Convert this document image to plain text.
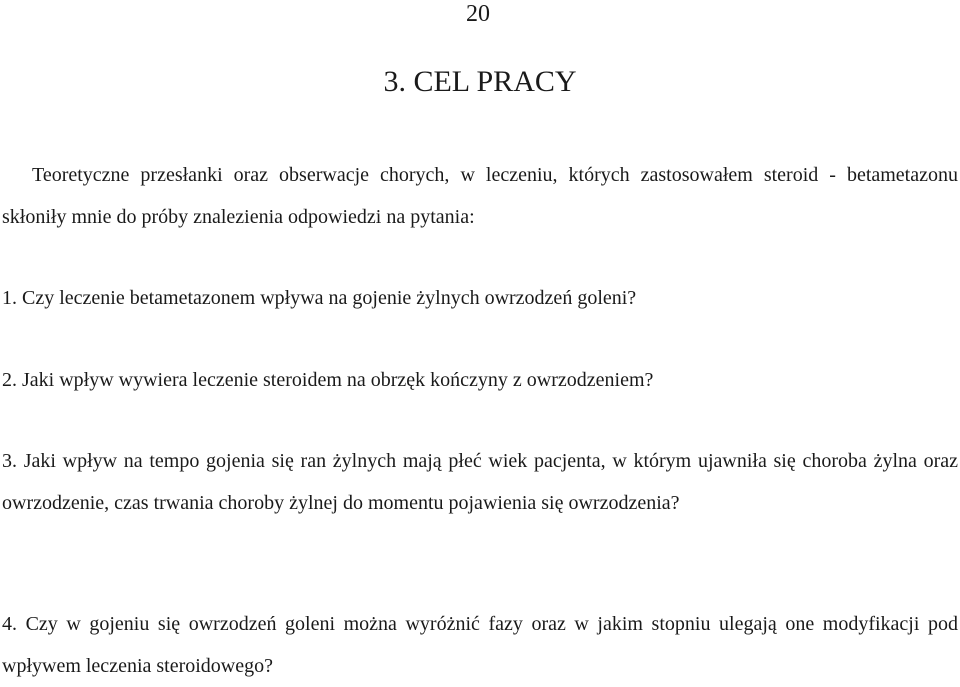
20
3. CEL PRACY

Teoretyczne przesłanki oraz obserwacje chorych, w leczeniu, których zastosowałem steroid - betametazonu skłoniły mnie do próby znalezienia odpowiedzi na pytania:

1. Czy leczenie betametazonem wpływa na gojenie żylnych owrzodzeń goleni?

2. Jaki wpływ wywiera leczenie steroidem na obrzęk kończyny z owrzodzeniem?

3. Jaki wpływ na tempo gojenia się ran żylnych mają płeć wiek pacjenta, w którym ujawniła się choroba żylna oraz owrzodzenie, czas trwania choroby żylnej do momentu pojawienia się owrzodzenia?

4. Czy w gojeniu się owrzodzeń goleni można wyróżnić fazy oraz w jakim stopniu ulegają one modyfikacji pod wpływem leczenia steroidowego?
